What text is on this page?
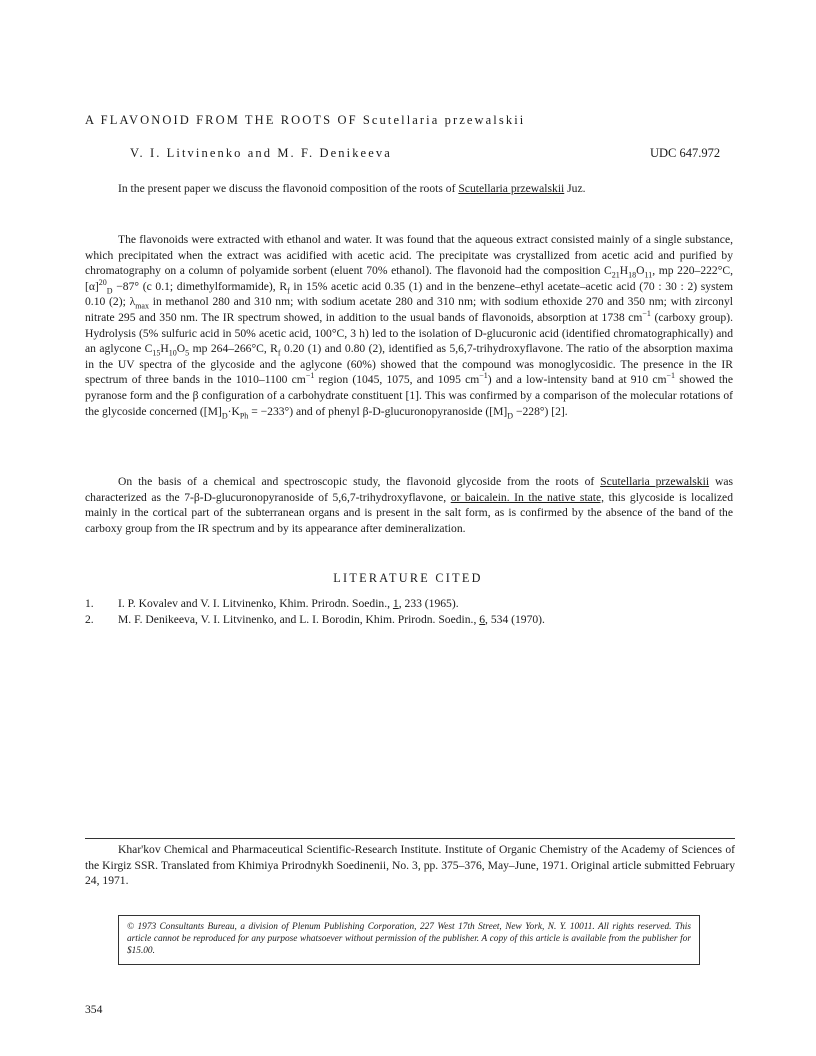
A FLAVONOID FROM THE ROOTS OF Scutellaria przewalskii
V. I. Litvinenko and M. F. Denikeeva	UDC 647.972

In the present paper we discuss the flavonoid composition of the roots of Scutellaria przewalskii Juz.

The flavonoids were extracted with ethanol and water. It was found that the aqueous extract consisted mainly of a single substance, which precipitated when the extract was acidified with acetic acid. The precipitate was crystallized from acetic acid and purified by chromatography on a column of polyamide sorbent (eluent 70% ethanol). The flavonoid had the composition $C_{21}H_{18}O_{11}$, mp 220–222°C, $[\alpha]^{20}_D -87^\circ$ (c 0.1; dimethylformamide), $R_f$ in 15% acetic acid 0.35 (1) and in the benzene–ethyl acetate–acetic acid (70 : 30 : 2) system 0.10 (2); $\lambda_{max}$ in methanol 280 and 310 nm; with sodium acetate 280 and 310 nm; with sodium ethoxide 270 and 350 nm; with zirconyl nitrate 295 and 350 nm. The IR spectrum showed, in addition to the usual bands of flavonoids, absorption at 1738 $cm^{-1}$ (carboxy group). Hydrolysis (5% sulfuric acid in 50% acetic acid, 100°C, 3 h) led to the isolation of D-glucuronic acid (identified chromatographically) and an aglycone $C_{15}H_{10}O_5$ mp 264–266°C, $R_f$ 0.20 (1) and 0.80 (2), identified as 5,6,7-trihydroxyflavone. The ratio of the absorption maxima in the UV spectra of the glycoside and the aglycone (60%) showed that the compound was monoglycosidic. The presence in the IR spectrum of three bands in the 1010–1100 $cm^{-1}$ region (1045, 1075, and 1095 $cm^{-1}$) and a low-intensity band at 910 $cm^{-1}$ showed the pyranose form and the β configuration of a carbohydrate constituent [1]. This was confirmed by a comparison of the molecular rotations of the glycoside concerned $([M]_D\cdot K_{Ph} = -233^\circ)$ and of phenyl β-D-glucuronopyranoside $([M]_D -228^\circ)$ [2].

On the basis of a chemical and spectroscopic study, the flavonoid glycoside from the roots of Scutellaria przewalskii was characterized as the 7-β-D-glucuronopyranoside of 5,6,7-trihydroxyflavone, or baicalein. In the native state, this glycoside is localized mainly in the cortical part of the subterranean organs and is present in the salt form, as is confirmed by the absence of the band of the carboxy group from the IR spectrum and by its appearance after demineralization.

LITERATURE CITED
1. I. P. Kovalev and V. I. Litvinenko, Khim. Prirodn. Soedin., 1, 233 (1965).
2. M. F. Denikeeva, V. I. Litvinenko, and L. I. Borodin, Khim. Prirodn. Soedin., 6, 534 (1970).

Khar'kov Chemical and Pharmaceutical Scientific-Research Institute. Institute of Organic Chemistry of the Academy of Sciences of the Kirgiz SSR. Translated from Khimiya Prirodnykh Soedinenii, No. 3, pp. 375–376, May–June, 1971. Original article submitted February 24, 1971.

© 1973 Consultants Bureau, a division of Plenum Publishing Corporation, 227 West 17th Street, New York, N. Y. 10011. All rights reserved. This article cannot be reproduced for any purpose whatsoever without permission of the publisher. A copy of this article is available from the publisher for $15.00.
354
